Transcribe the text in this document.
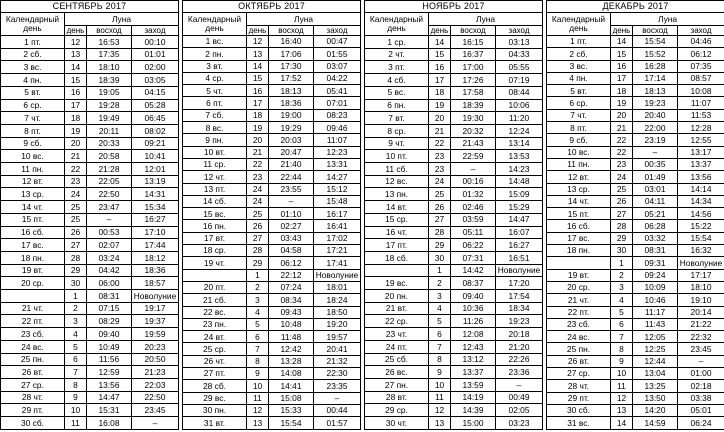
СЕНТЯБРЬ 2017			
Календарный день	Луна		
	день	восход	заход
1 пт.	12	16:53	00:10
2 сб.	13	17:35	01:01
3 вс.	14	18:10	02:00
4 пн.	15	18:39	03:05
5 вт.	16	19:05	04:15
6 ср.	17	19:28	05:28
7 чт.	18	19:49	06:45
8 пт.	19	20:11	08:02
9 сб.	20	20:33	09:21
10 вс.	21	20:58	10:41
11 пн.	22	21:28	12:01
12 вт.	23	22:05	13:19
13 ср.	24	22:50	14:31
14 чт.	25	23:47	15:34
15 пт.	25	–	16:27
16 сб.	26	00:53	17:10
17 вс.	27	02:07	17:44
18 пн.	28	03:24	18:12
19 вт.	29	04:42	18:36
20 ср.	30	06:00	18:57
	1	08:31	Новолуние
21 чт.	2	07:15	19:17
22 пт.	3	08:29	19:37
23 сб.	4	09:40	19:59
24 вс.	5	10:49	20:23
25 пн.	6	11:56	20:50
26 вт.	7	12:59	21:23
27 ср.	8	13:56	22:03
28 чт.	9	14:47	22:50
29 пт.	10	15:31	23:45
30 сб.	11	16:08	–
ОКТЯБРЬ 2017			
Календарный день	Луна		
	день	восход	заход
1 вс.	12	16:40	00:47
2 пн.	13	17:06	01:55
3 вт.	14	17:30	03:07
4 ср.	15	17:52	04:22
5 чт.	16	18:13	05:41
6 пт.	17	18:36	07:01
7 сб.	18	19:00	08:23
8 вс.	19	19:29	09:46
9 пн.	20	20:03	11:07
10 вт.	21	20:47	12:23
11 ср.	22	21:40	13:31
12 чт.	23	22:44	14:27
13 пт.	24	23:55	15:12
14 сб.	24	–	15:48
15 вс.	25	01:10	16:17
16 пн.	26	02:27	16:41
17 вт.	27	03:43	17:02
18 ср.	28	04:58	17:21
19 чт.	29	06:12	17:41
	1	22:12	Новолуние
20 пт.	2	07:24	18:01
21 сб.	3	08:34	18:24
22 вс.	4	09:43	18:50
23 пн.	5	10:48	19:20
24 вт.	6	11:48	19:57
25 ср.	7	12:42	20:41
26 чт.	8	13:28	21:32
27 пт.	9	14:08	22:30
28 сб.	10	14:41	23:35
29 вс.	11	15:08	–
30 пн.	12	15:33	00:44
31 вт.	13	15:54	01:57
НОЯБРЬ 2017			
Календарный день	Луна		
	день	восход	заход
1 ср.	14	16:15	03:13
2 чт.	15	16:37	04:33
3 пт.	16	17:00	05:55
4 сб.	17	17:26	07:19
5 вс.	18	17:58	08:44
6 пн.	19	18:39	10:06
7 вт.	20	19:30	11:20
8 ср.	21	20:32	12:24
9 чт.	22	21:43	13:14
10 пт.	23	22:59	13:53
11 сб.	23	–	14:23
12 вс.	24	00:16	14:48
13 пн.	25	01:32	15:09
14 вт.	26	02:46	15:29
15 ср.	27	03:59	14:47
16 чт.	28	05:11	16:07
17 пт.	29	06:22	16:27
18 сб.	30	07:31	16:51
	1	14:42	Новолуние
19 вс.	2	08:37	17:20
20 пн.	3	09:40	17:54
21 вт.	4	10:36	18:34
22 ср.	5	11:26	19:23
23 чт.	6	12:08	20:18
24 пт.	7	12:43	21:20
25 сб.	8	13:12	22:26
26 вс.	9	13:37	23:36
27 пн.	10	13:59	–
28 вт.	11	14:19	00:49
29 ср.	12	14:39	02:05
30 чт.	13	15:00	03:23
ДЕКАБРЬ 2017			
Календарный день	Луна		
	день	восход	заход
1 пт.	14	15:54	04:46
2 сб.	15	15:52	06:12
3 вс.	16	16:28	07:35
4 пн.	17	17:14	08:57
5 вт.	18	18:13	10:08
6 ср.	19	19:23	11:07
7 чт.	20	20:40	11:53
8 пт.	21	22:00	12:28
9 сб.	22	23:19	12:55
10 вс.	22	–	13:17
11 пн.	23	00:35	13:37
12 вт.	24	01:49	13:56
13 ср.	25	03:01	14:14
14 чт.	26	04:11	14:34
15 пт.	27	05:21	14:56
16 сб.	28	06:28	15:22
17 вс.	29	03:32	15:54
18 пн.	30	08:31	16:32
	1	09:31	Новолуние
19 вт.	2	09:24	17:17
20 ср.	3	10:09	18:10
21 чт.	4	10:46	19:10
22 пт.	5	11:17	20:14
23 сб.	6	11:43	21:22
24 вс.	7	12:05	22:32
25 пн.	8	12:25	23:45
26 вт.	9	12:44	–
27 ср.	10	13:04	01:00
28 чт.	11	13:25	02:18
29 пт.	12	13:50	03:38
30 сб.	13	14:20	05:01
31 вс.	14	14:59	06:24
